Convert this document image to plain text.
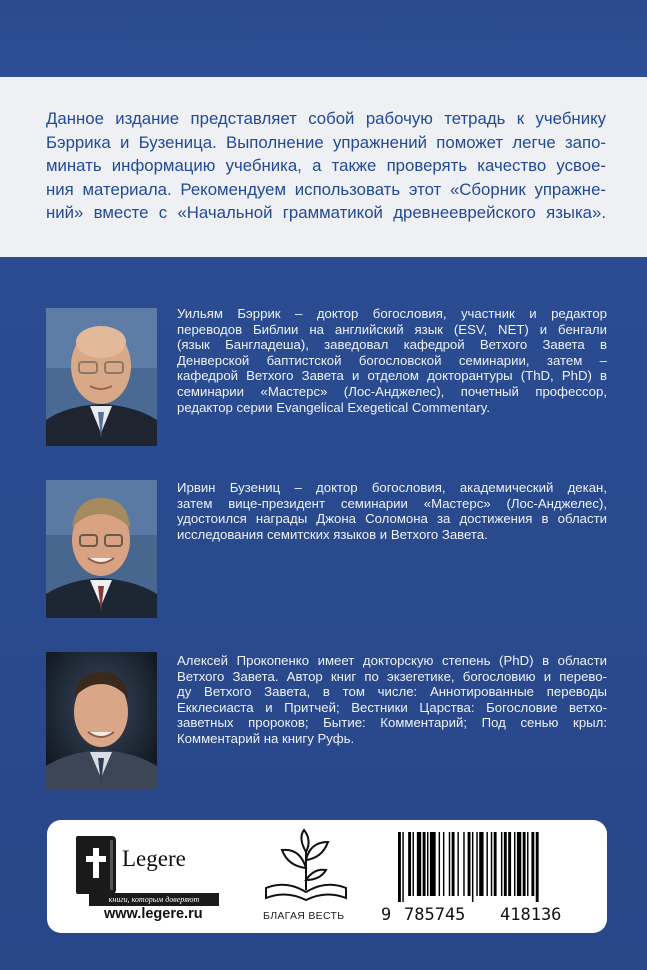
Данное издание представляет собой рабочую тетрадь к учебнику
Бэррика и Бузеница. Выполнение упражнений поможет легче запо-
минать информацию учебника, а также проверять качество усвое-
ния материала. Рекомендуем использовать этот «Сборник упражне-
ний» вместе с «Начальной грамматикой древнееврейского языка».

Уильям Бэррик – доктор богословия, участник и редактор
переводов Библии на английский язык (ESV, NET) и бенгали
(язык Бангладеша), заведовал кафедрой Ветхого Завета в
Денверской баптистской богословской семинарии, затем –
кафедрой Ветхого Завета и отделом докторантуры (ThD, PhD) в
семинарии «Мастерс» (Лос-Анджелес), почетный профессор,
редактор серии Evangelical Exegetical Commentary.

Ирвин Бузениц – доктор богословия, академический декан,
затем вице-президент семинарии «Мастерс» (Лос-Анджелес),
удостоился награды Джона Соломона за достижения в области
исследования семитских языков и Ветхого Завета.

Алексей Прокопенко имеет докторскую степень (PhD) в области
Ветхого Завета. Автор книг по экзегетике, богословию и перево-
ду Ветхого Завета, в том числе: Аннотированные переводы
Екклесиаста и Притчей; Вестники Царства: Богословие ветхо-
заветных пророков; Бытие: Комментарий; Под сенью крыл:
Комментарий на книгу Руфь.

Legere
книги, которым доверяют
www.legere.ru	БЛАГАЯ ВЕСТЬ 9 785745 418136
